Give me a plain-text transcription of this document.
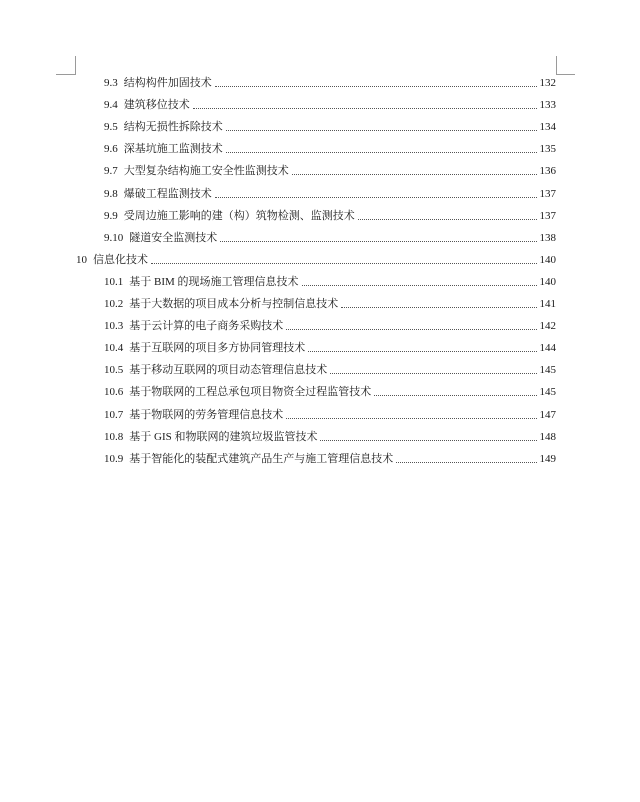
9.3 结构构件加固技术	132
9.4 建筑移位技术	133
9.5 结构无损性拆除技术	134
9.6 深基坑施工监测技术	135
9.7 大型复杂结构施工安全性监测技术	136
9.8 爆破工程监测技术	137
9.9 受周边施工影响的建（构）筑物检测、监测技术	137
9.10 隧道安全监测技术	138
10 信息化技术	140
10.1 基于 BIM 的现场施工管理信息技术	140
10.2 基于大数据的项目成本分析与控制信息技术	141
10.3 基于云计算的电子商务采购技术	142
10.4 基于互联网的项目多方协同管理技术	144
10.5 基于移动互联网的项目动态管理信息技术	145
10.6 基于物联网的工程总承包项目物资全过程监管技术	145
10.7 基于物联网的劳务管理信息技术	147
10.8 基于 GIS 和物联网的建筑垃圾监管技术	148
10.9 基于智能化的装配式建筑产品生产与施工管理信息技术	149
